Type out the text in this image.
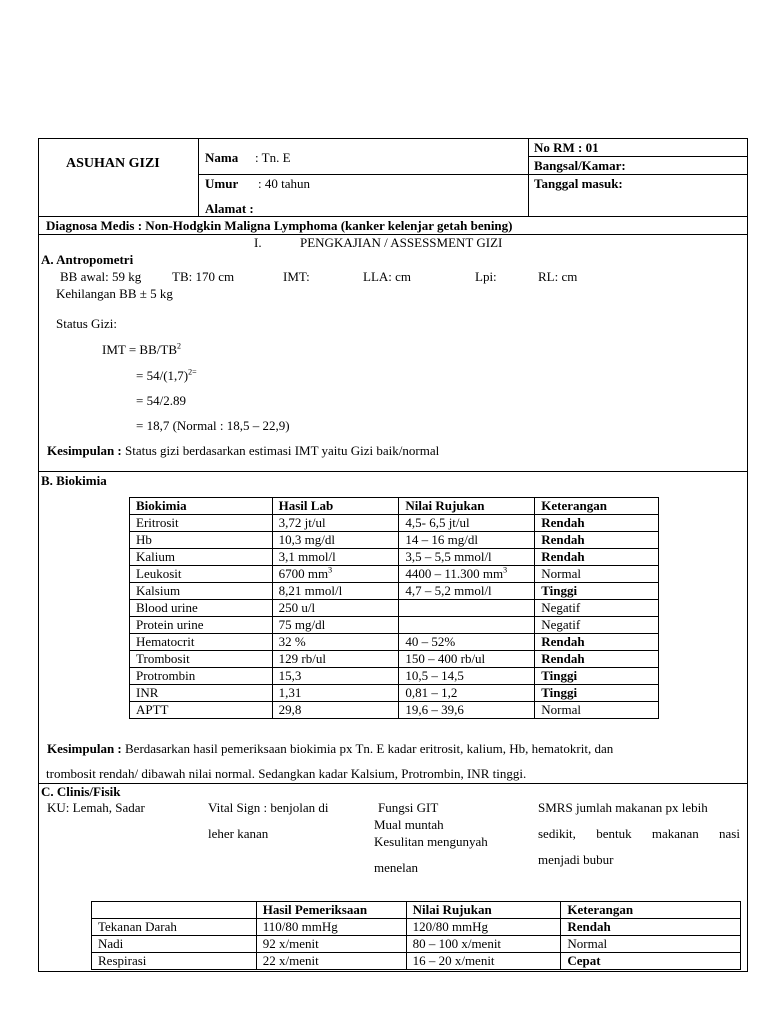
ASUHAN GIZI	Nama : Tn. E
No RM : 01
Bangsal/Kamar:
Umur : 40 tahun	Tanggal masuk:
Alamat :
Diagnosa Medis : Non-Hodgkin Maligna Lymphoma (kanker kelenjar getah bening)
I.	PENGKAJIAN / ASSESSMENT GIZI
A. Antropometri
BB awal: 59 kg TB: 170 cm	IMT:	LLA: cm	Lpi:	RL: cm
Kehilangan BB ± 5 kg
Status Gizi:
IMT = $BB/TB^2$
= $54/(1,7)^{2=}$
= 54/2.89
= 18,7 (Normal : 18,5 – 22,9)
Kesimpulan : Status gizi berdasarkan estimasi IMT yaitu Gizi baik/normal
B. Biokimia
Biokimia	Hasil Lab	Nilai Rujukan	Keterangan
Eritrosit	3,72 jt/ul	4,5- 6,5 jt/ul	Rendah
Hb	10,3 mg/dl	14 – 16 mg/dl	Rendah
Kalium	3,1 mmol/l	3,5 – 5,5 mmol/l	Rendah
Leukosit	6700 $mm^3$	4400 – 11.300 $mm^3$	Normal
Kalsium	8,21 mmol/l	4,7 – 5,2 mmol/l	Tinggi
Blood urine	250 u/l		Negatif
Protein urine	75 mg/dl		Negatif
Hematocrit	32 %	40 – 52%	Rendah
Trombosit	129 rb/ul	150 – 400 rb/ul	Rendah
Protrombin	15,3	10,5 – 14,5	Tinggi
INR	1,31	0,81 – 1,2	Tinggi
APTT	29,8	19,6 – 39,6	Normal
Kesimpulan : Berdasarkan hasil pemeriksaan biokimia px Tn. E kadar eritrosit, kalium, Hb, hematokrit, dan
trombosit rendah/ dibawah nilai normal. Sedangkan kadar Kalsium, Protrombin, INR tinggi.
C. Clinis/Fisik
KU: Lemah, Sadar	Vital Sign : benjolan di
leher kanan
Fungsi GIT
Mual muntah
Kesulitan mengunyah
menelan
SMRS jumlah makanan px lebih
sedikit, bentuk makanan nasi
menjadi bubur
	Hasil Pemeriksaan	Nilai Rujukan	Keterangan
Tekanan Darah	110/80 mmHg	120/80 mmHg	Rendah
Nadi	92 x/menit	80 – 100 x/menit	Normal
Respirasi	22 x/menit	16 – 20 x/menit	Cepat
